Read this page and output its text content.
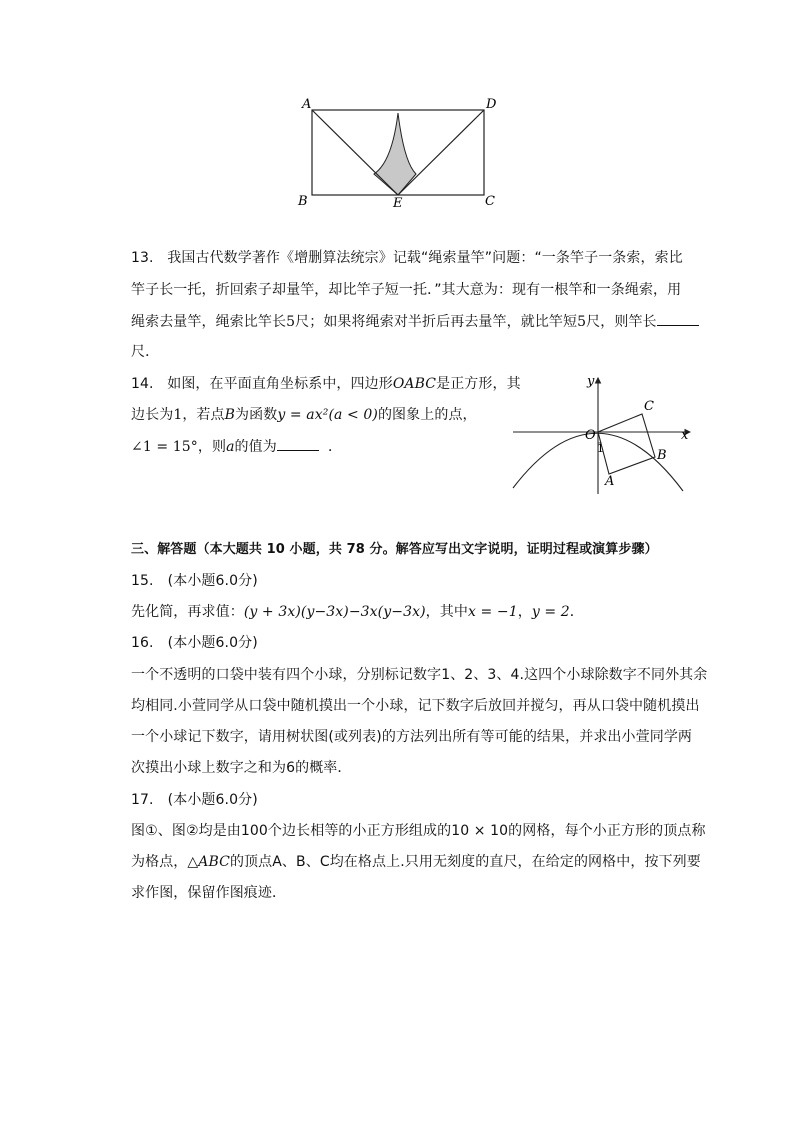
A	D
B	E	C
13. 我国古代数学著作《增删算法统宗》记载“绳索量竿”问题：“一条竿子一条索，索比
竿子长一托，折回索子却量竿，却比竿子短一托．”其大意为：现有一根竿和一条绳索，用
绳索去量竿，绳索比竿长5尺；如果将绳索对半折后再去量竿，就比竿短5尺，则竿长
尺．
14. 如图，在平面直角坐标系中，四边形OABC是正方形，其
边长为1，若点B为函数y = ax²(a < 0)的图象上的点，
∠1 = 15°，则a的值为	．
y
x
O
C
B
A
1
三、解答题（本大题共 10 小题，共 78 分。解答应写出文字说明，证明过程或演算步骤）
15.　(本小题6.0分)
先化简，再求值：(y + 3x)(y−3x)−3x(y−3x)，其中x = −1，y = 2．
16.　(本小题6.0分)
一个不透明的口袋中装有四个小球，分别标记数字1、2、3、4.这四个小球除数字不同外其余
均相同.小萱同学从口袋中随机摸出一个小球，记下数字后放回并搅匀，再从口袋中随机摸出
一个小球记下数字，请用树状图(或列表)的方法列出所有等可能的结果，并求出小萱同学两
次摸出小球上数字之和为6的概率．
17.　(本小题6.0分)
图①、图②均是由100个边长相等的小正方形组成的10 × 10的网格，每个小正方形的顶点称
为格点，△ABC的顶点A、B、C均在格点上.只用无刻度的直尺，在给定的网格中，按下列要
求作图，保留作图痕迹．
